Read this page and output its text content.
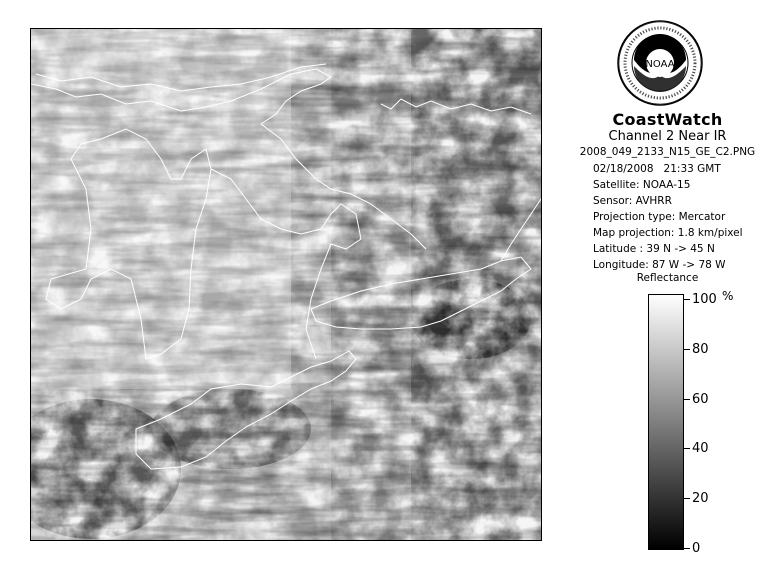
NOAA
CoastWatch
Channel 2 Near IR
2008_049_2133_N15_GE_C2.PNG
02/18/2008 21:33 GMT
Satellite: NOAA-15
Sensor: AVHRR
Projection type: Mercator
Map projection: 1.8 km/pixel
Latitude : 39 N -> 45 N
Longitude: 87 W -> 78 W
Reflectance
%
100
80
60
40
20
0
